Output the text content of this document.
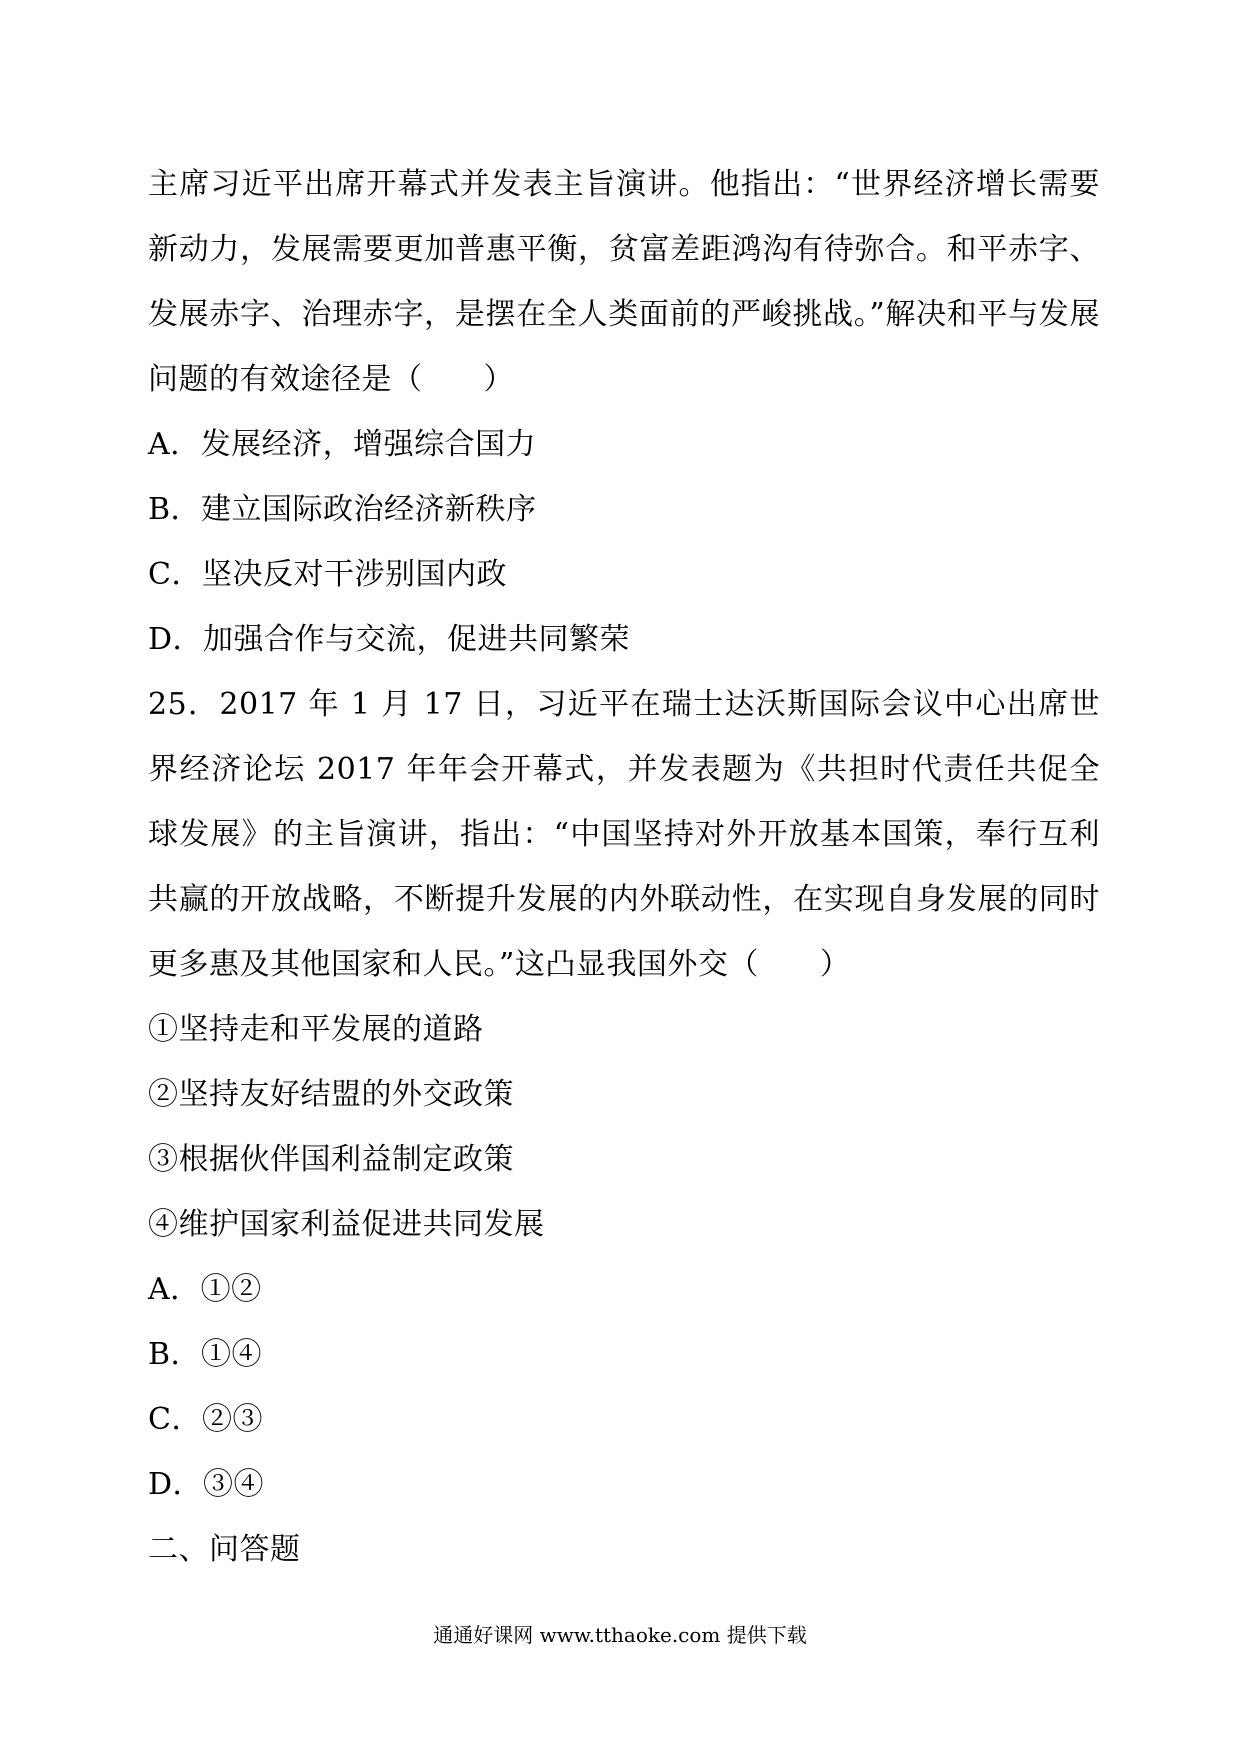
主席习近平出席开幕式并发表主旨演讲。他指出：“世界经济增长需要新动力，发展需要更加普惠平衡，贫富差距鸿沟有待弥合。和平赤字、发展赤字、治理赤字，是摆在全人类面前的严峻挑战。”解决和平与发展问题的有效途径是（　　）

A．发展经济，增强综合国力

B．建立国际政治经济新秩序

C．坚决反对干涉别国内政

D．加强合作与交流，促进共同繁荣

25．2017 年 1 月 17 日，习近平在瑞士达沃斯国际会议中心出席世界经济论坛 2017 年年会开幕式，并发表题为《共担时代责任共促全球发展》的主旨演讲，指出：“中国坚持对外开放基本国策，奉行互利共赢的开放战略，不断提升发展的内外联动性，在实现自身发展的同时更多惠及其他国家和人民。”这凸显我国外交（　　）

①坚持走和平发展的道路

②坚持友好结盟的外交政策

③根据伙伴国利益制定政策

④维护国家利益促进共同发展

A．①②

B．①④

C．②③

D．③④

二、问答题

通通好课网 www.tthaoke.com 提供下载
